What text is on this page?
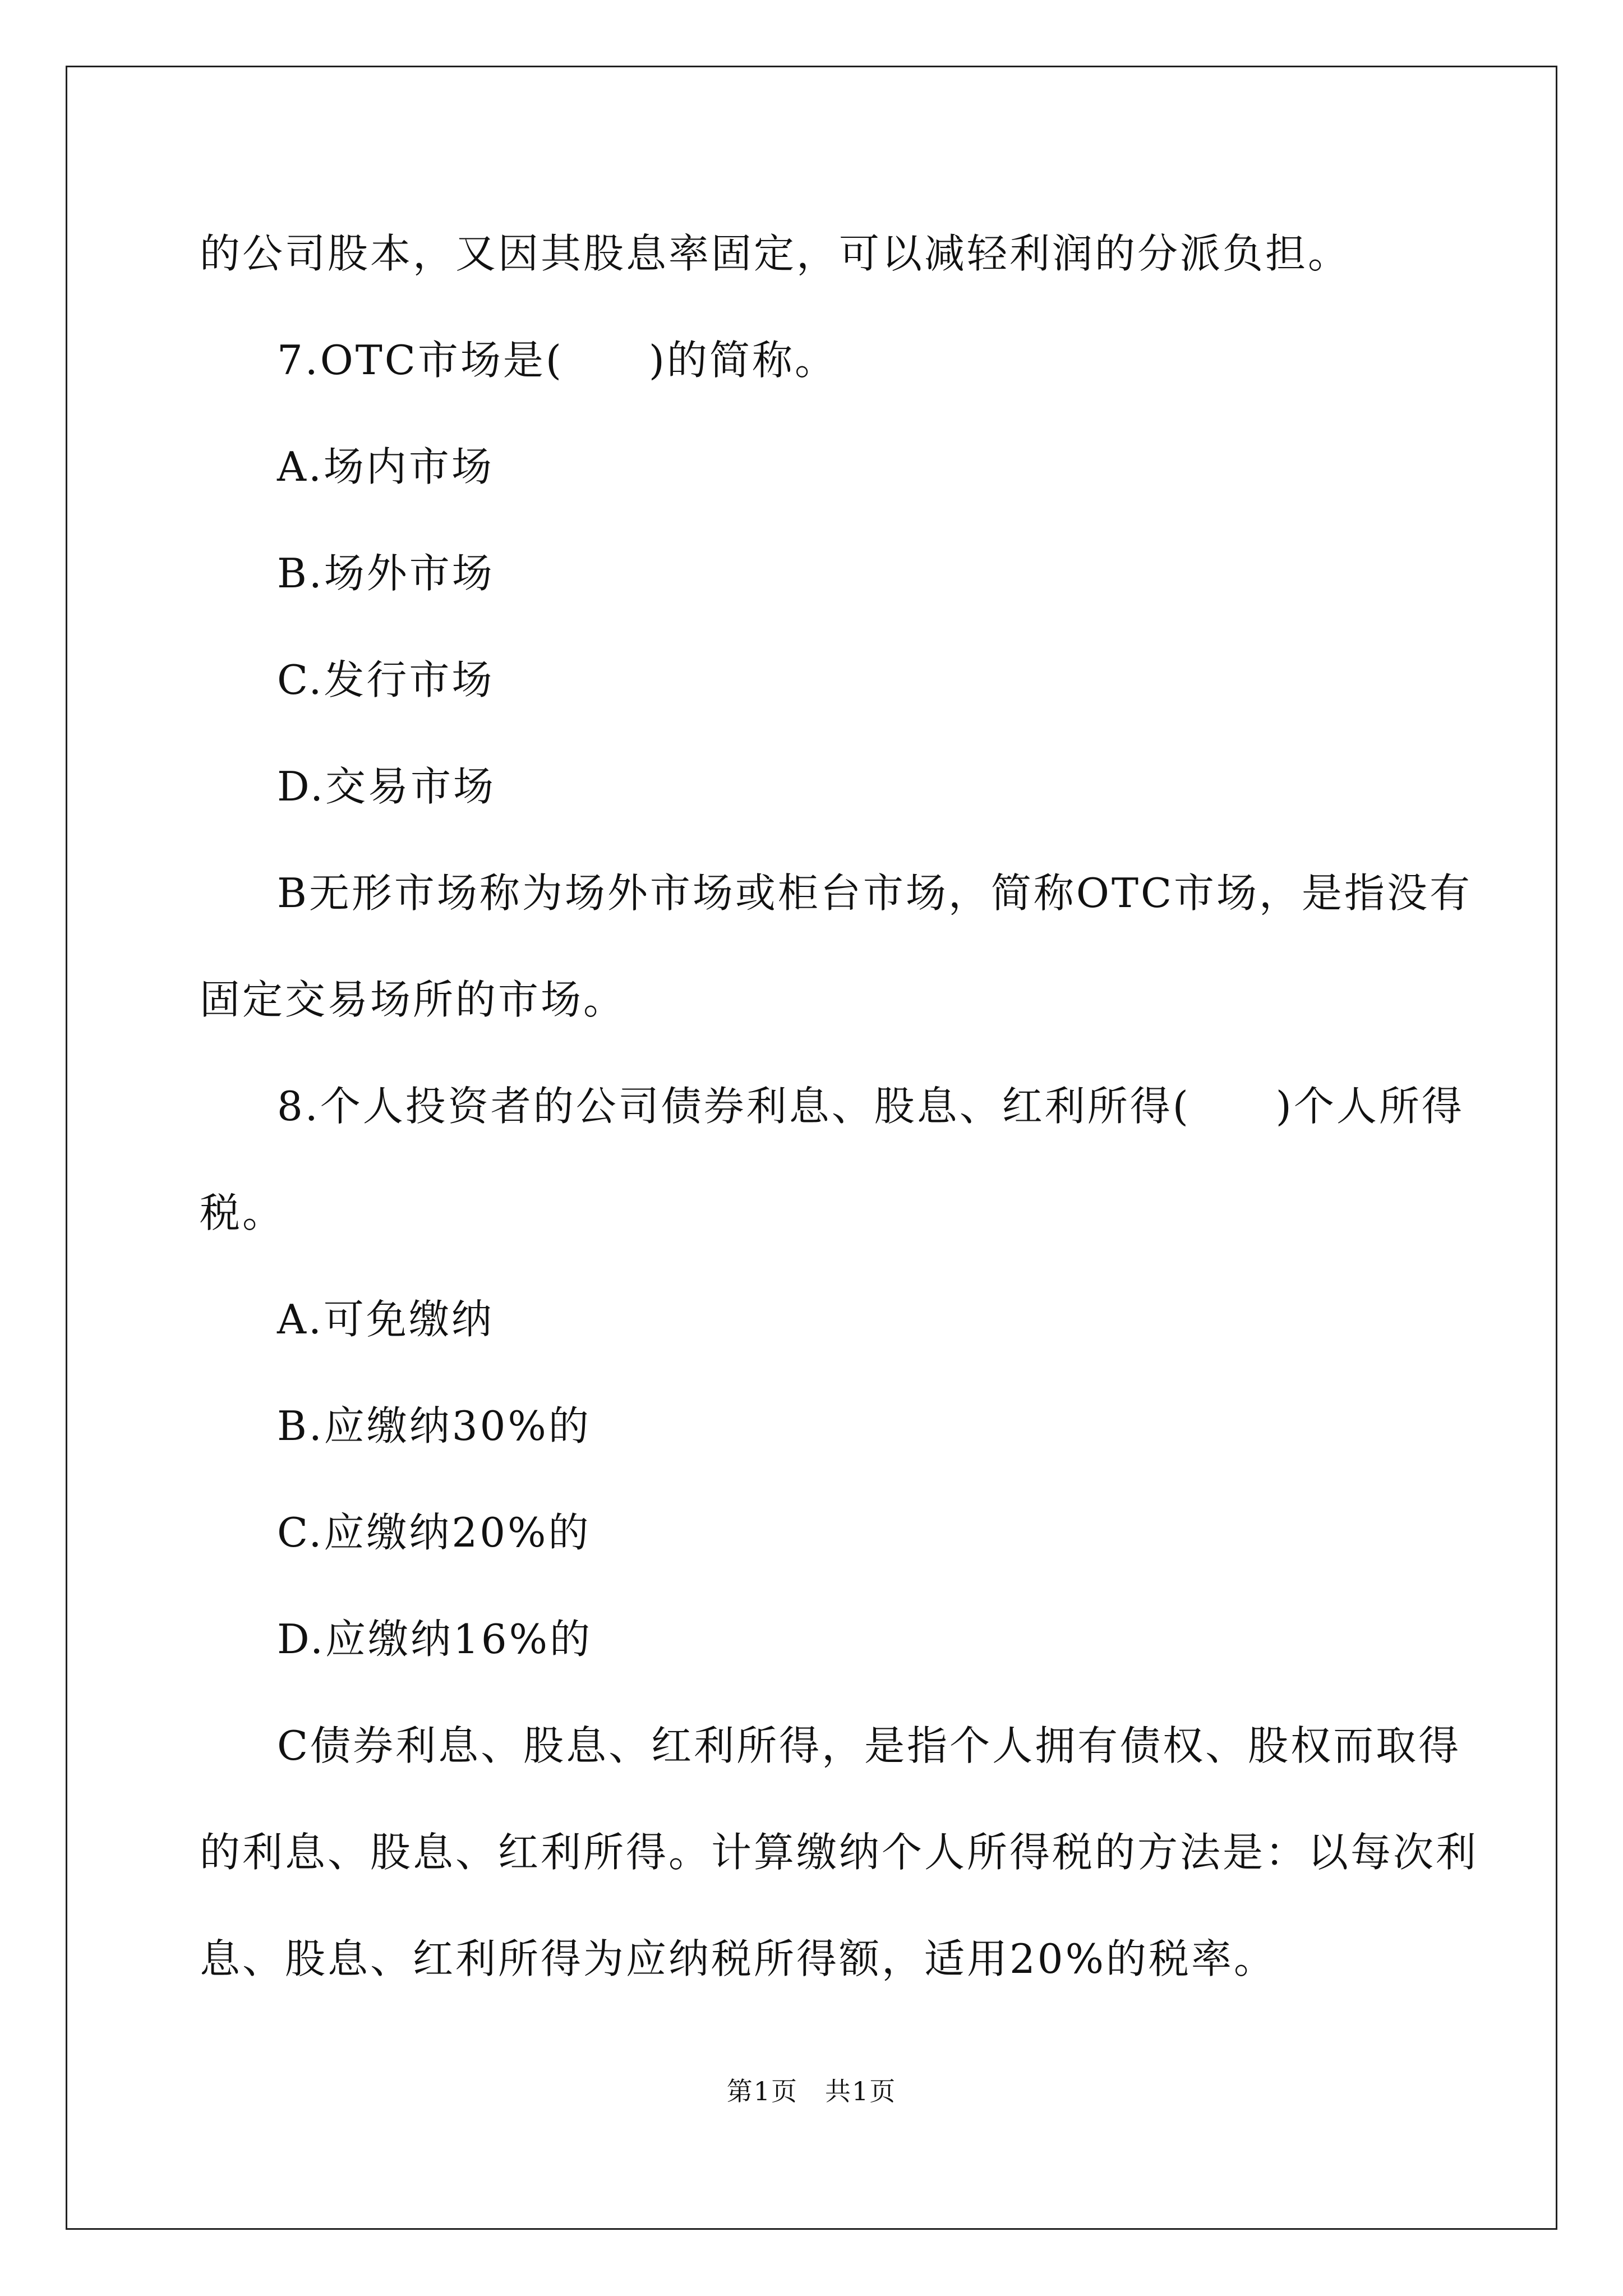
的公司股本，又因其股息率固定，可以减轻利润的分派负担。
7.OTC市场是(　　)的简称。
A.场内市场
B.场外市场
C.发行市场
D.交易市场
B无形市场称为场外市场或柜台市场，简称OTC市场，是指没有
固定交易场所的市场。
8.个人投资者的公司债券利息、股息、红利所得(　　)个人所得
税。
A.可免缴纳
B.应缴纳30%的
C.应缴纳20%的
D.应缴纳16%的
C债券利息、股息、红利所得，是指个人拥有债权、股权而取得
的利息、股息、红利所得。计算缴纳个人所得税的方法是：以每次利
息、股息、红利所得为应纳税所得额，适用20%的税率。
第1页　共1页
